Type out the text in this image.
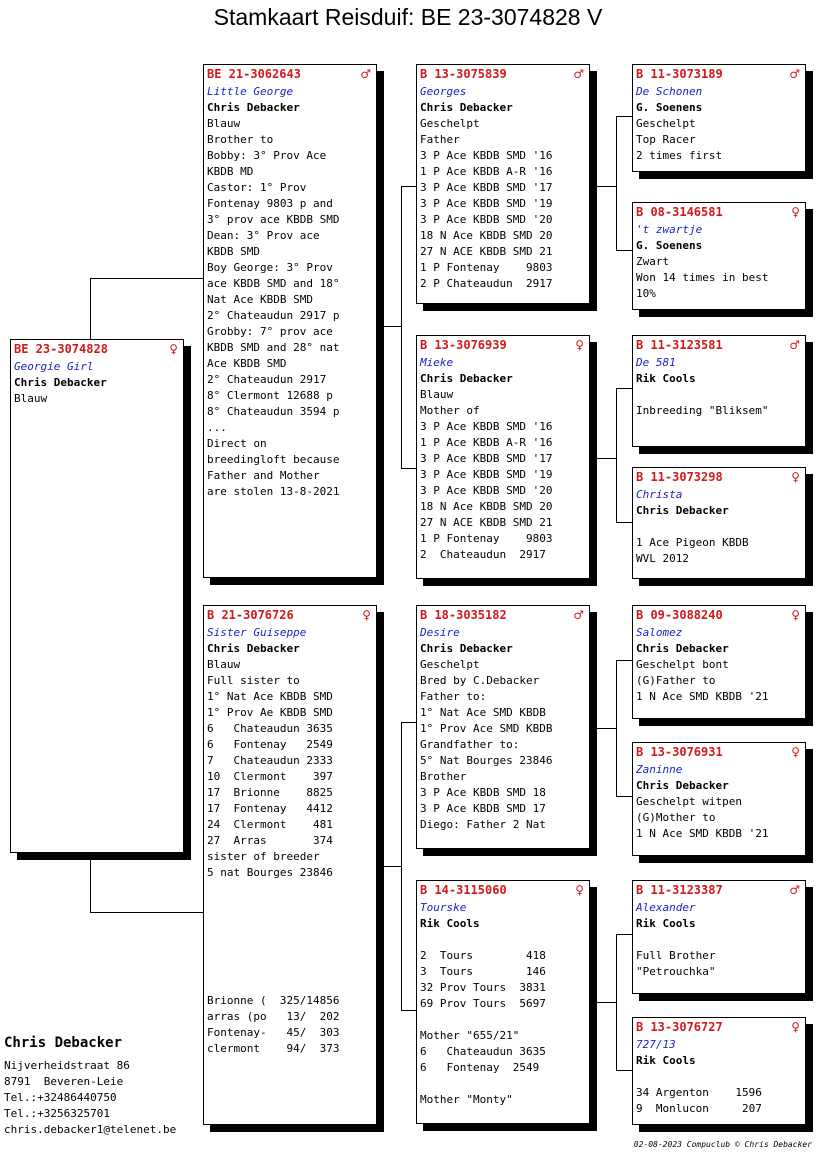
Stamkaart Reisduif: BE 23-3074828 V
BE 23-3074828	♀
Georgie Girl
Chris Debacker
Blauw
BE 21-3062643	♂
Little George
Chris Debacker
Blauw
Brother to
Bobby: 3° Prov Ace
KBDB MD
Castor: 1° Prov
Fontenay 9803 p and
3° prov ace KBDB SMD
Dean: 3° Prov ace
KBDB SMD
Boy George: 3° Prov
ace KBDB SMD and 18°
Nat Ace KBDB SMD
2° Chateaudun 2917 p
Grobby: 7° prov ace
KBDB SMD and 28° nat
Ace KBDB SMD
2° Chateaudun 2917
8° Clermont 12688 p
8° Chateaudun 3594 p
...
Direct on
breedingloft because
Father and Mother
are stolen 13-8-2021
B 21-3076726	♀
Sister Guiseppe
Chris Debacker
Blauw
Full sister to
1° Nat Ace KBDB SMD
1° Prov Ae KBDB SMD
6   Chateaudun 3635
6   Fontenay   2549
7   Chateaudun 2333
10  Clermont    397
17  Brionne    8825
17  Fontenay   4412
24  Clermont    481
27  Arras       374
sister of breeder
5 nat Bourges 23846
Brionne (  325/14856
arras (po   13/  202
Fontenay-   45/  303
clermont    94/  373
B 13-3075839	♂
Georges
Chris Debacker
Geschelpt
Father
3 P Ace KBDB SMD '16
1 P Ace KBDB A-R '16
3 P Ace KBDB SMD '17
3 P Ace KBDB SMD '19
3 P Ace KBDB SMD '20
18 N Ace KBDB SMD 20
27 N ACE KBDB SMD 21
1 P Fontenay    9803
2 P Chateaudun  2917
B 13-3076939	♀
Mieke
Chris Debacker
Blauw
Mother of
3 P Ace KBDB SMD '16
1 P Ace KBDB A-R '16
3 P Ace KBDB SMD '17
3 P Ace KBDB SMD '19
3 P Ace KBDB SMD '20
18 N Ace KBDB SMD 20
27 N ACE KBDB SMD 21
1 P Fontenay    9803
2  Chateaudun  2917
B 18-3035182	♂
Desire
Chris Debacker
Geschelpt
Bred by C.Debacker
Father to:
1° Nat Ace SMD KBDB
1° Prov Ace SMD KBDB
Grandfather to:
5° Nat Bourges 23846
Brother
3 P Ace KBDB SMD 18
3 P Ace KBDB SMD 17
Diego: Father 2 Nat
B 14-3115060	♀
Tourske
Rik Cools
2  Tours        418
3  Tours        146
32 Prov Tours  3831
69 Prov Tours  5697
Mother "655/21"
6   Chateaudun 3635
6   Fontenay  2549
Mother "Monty"
B 11-3073189	♂
De Schonen
G. Soenens
Geschelpt
Top Racer
2 times first
B 08-3146581	♀
't zwartje
G. Soenens
Zwart
Won 14 times in best
10%
B 11-3123581	♂
De 581
Rik Cools
Inbreeding "Bliksem"
B 11-3073298	♀
Christa
Chris Debacker
1 Ace Pigeon KBDB
WVL 2012
B 09-3088240	♀
Salomez
Chris Debacker
Geschelpt bont
(G)Father to
1 N Ace SMD KBDB '21
B 13-3076931	♀
Zaninne
Chris Debacker
Geschelpt witpen
(G)Mother to
1 N Ace SMD KBDB '21
B 11-3123387	♂
Alexander
Rik Cools
Full Brother
"Petrouchka"
B 13-3076727	♀
727/13
Rik Cools
34 Argenton    1596
9  Monlucon     207
Chris Debacker
Nijverheidstraat 86
8791  Beveren-Leie
Tel.:+32486440750
Tel.:+3256325701
chris.debacker1@telenet.be
02-08-2023 Compuclub © Chris Debacker
